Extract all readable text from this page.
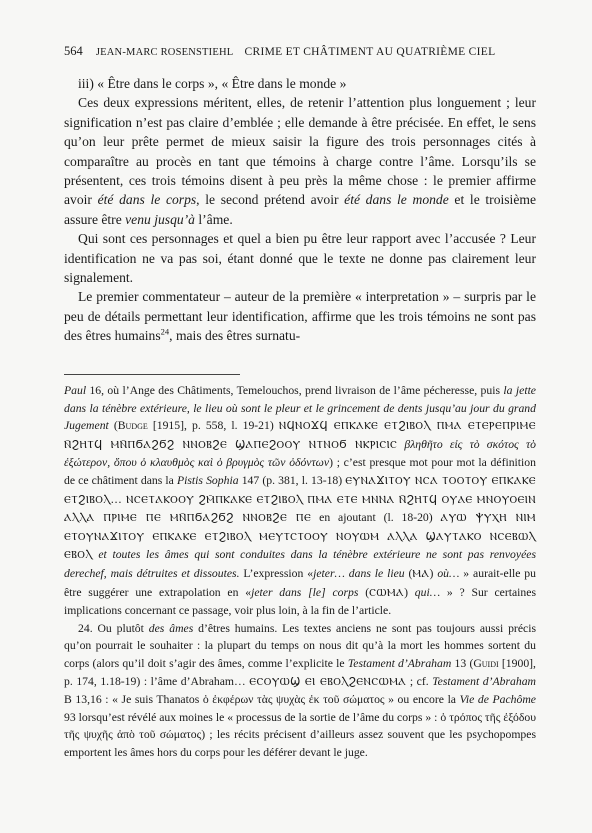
564 JEAN-MARC ROSENSTIEHL CRIME ET CHÂTIMENT AU QUATRIÈME CIEL

iii) « Être dans le corps », « Être dans le monde »

Ces deux expressions méritent, elles, de retenir l’attention plus longuement ; leur signification n’est pas claire d’emblée ; elle demande à être précisée. En effet, le sens qu’on leur prête permet de mieux saisir la figure des trois personnages cités à comparaître au procès en tant que témoins à charge contre l’âme. Lorsqu’ils se présentent, ces trois témoins disent à peu près la même chose : le premier affirme avoir été dans le corps, le second prétend avoir été dans le monde et le troisième assure être venu jusqu’à l’âme.

Qui sont ces personnages et quel a bien pu être leur rapport avec l’accusée ? Leur identification ne va pas soi, étant donné que le texte ne donne pas clairement leur signalement.

Le premier commentateur – auteur de la première « interpretation » – surpris par le peu de détails permettant leur identification, affirme que les trois témoins ne sont pas des êtres humains$^{24}$, mais des êtres surnatu-

Paul 16, où l’Ange des Châtiments, Temelouchos, prend livraison de l’âme pécheresse, puis la jette dans la ténèbre extérieure, le lieu où sont le pleur et le grincement de dents jusqu’au jour du grand Jugement (Budge [1915], p. 558, l. 19-21) ⲚϤⲚⲞϪϤ ⲈⲠⲔⲀⲔⲈ ⲈⲦϨⲒⲂⲞⲖ ⲠⲘⲀ ⲈⲦⲈⲢⲈⲠⲢⲒⲘⲈ Ⲛ̄ϨⲎⲦϤ ⲘⲚ̄ⲠϬⲀϨϬϨ ⲚⲚⲞⲂϨⲈ ϢⲀⲠⲈϨⲞⲞⲨ ⲚⲦⲚⲞϬ ⲚⲔⲢⲒⲤⲒⲤ βληθῆτο εἰς τὸ σκότος τὸ ἐξώτερον, ὅπου ὁ κλαυθμὸς καὶ ὁ βρυγμὸς τῶν ὀδόντων) ; c’est presque mot pour mot la définition de ce châtiment dans la Pistis Sophia 147 (p. 381, l. 13-18) ⲈⲨⲚⲀϪⲒⲦⲞⲨ ⲚⲤⲀ ⲦⲞⲞⲦⲞⲨ ⲈⲠⲔⲀⲔⲈ ⲈⲦϨⲒⲂⲞⲖ... ⲚⲤⲈⲦⲀⲔⲞⲞⲨ ϨⲘ̄ⲠⲔⲀⲔⲈ ⲈⲦϨⲒⲂⲞⲖ ⲠⲘⲀ ⲈⲦⲈ ⲘⲚⲚⲀ Ⲛ̄ϨⲎⲦϤ ⲞⲨⲀⲈ ⲘⲚⲞⲨⲞⲈⲒⲚ ⲀⲖⲖⲀ ⲠⲢⲒⲘⲈ ⲠⲈ ⲘⲚ̄ⲠϬⲀϨϬϨ ⲚⲚⲞⲂϨⲈ ⲠⲈ en ajoutant (l. 18-20) ⲀⲨⲰ ⲮⲨⲬⲎ ⲚⲒⲘ ⲈⲦⲞⲨⲚⲀϪⲒⲦⲞⲨ ⲈⲠⲔⲀⲔⲈ ⲈⲦϨⲒⲂⲞⲖ ⲘⲈⲨⲦⲤⲦⲞⲞⲨ ⲚⲞⲨⲰⲘ ⲀⲖⲖⲀ ϢⲀⲨⲦⲀⲔⲞ ⲚⲤⲈⲂⲰⲖ ⲈⲂⲞⲖ et toutes les âmes qui sont conduites dans la ténèbre extérieure ne sont pas renvoyées derechef, mais détruites et dissoutes. L’expression «jeter… dans le lieu (ⲘⲀ) où… » aurait-elle pu être suggérer une extrapolation en «jeter dans [le] corps (ⲤⲰⲘⲀ) qui… » ? Sur certaines implications concernant ce passage, voir plus loin, à la fin de l’article.

24. Ou plutôt des âmes d’êtres humains. Les textes anciens ne sont pas toujours aussi précis qu’on pourrait le souhaiter : la plupart du temps on nous dit qu’à la mort les hommes sortent du corps (alors qu’il doit s’agir des âmes, comme l’explicite le Testament d’Abraham 13 (Guidi [1900], p. 174, 1.18-19) : l’âme d’Abraham… ⲈⲤⲞⲨⲰϢ ⲈⲒ ⲈⲂⲞⲖϨⲈⲚⲤⲰⲘⲀ ; cf. Testament d’Abraham B 13,16 : « Je suis Thanatos ὁ ἐκφέρων τὰς ψυχὰς ἐκ τοῦ σώματος » ou encore la Vie de Pachôme 93 lorsqu’est révélé aux moines le « processus de la sortie de l’âme du corps » : ὁ τρόπος τῆς ἐξόδου τῆς ψυχῆς ἀπὸ τοῦ σώματος) ; les récits précisent d’ailleurs assez souvent que les psychopompes emportent les âmes hors du corps pour les déférer devant le juge.
